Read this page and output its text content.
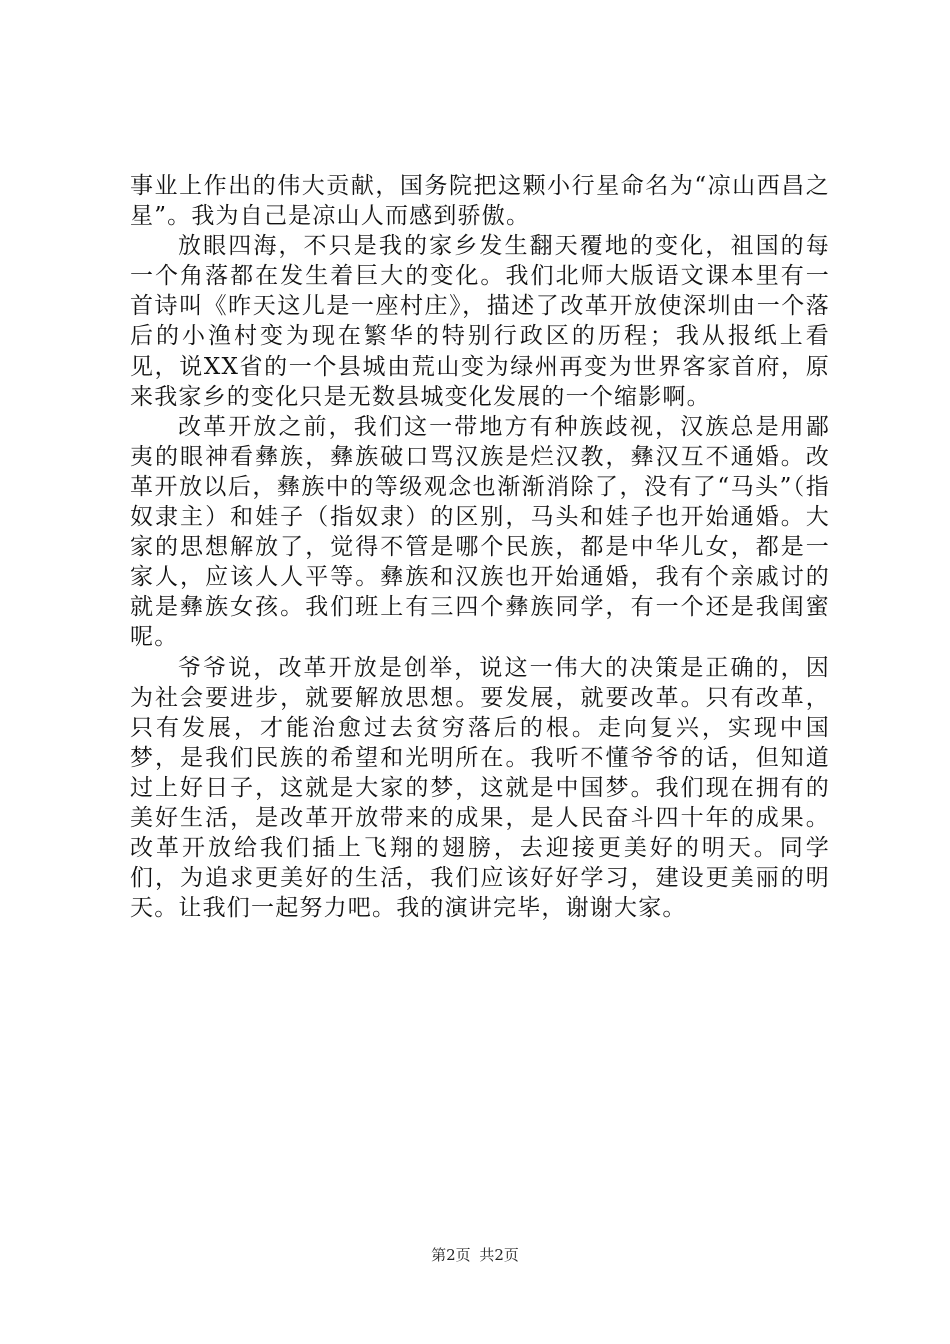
事业上作出的伟大贡献，国务院把这颗小行星命名为“凉山西昌之星”。我为自己是凉山人而感到骄傲。

放眼四海，不只是我的家乡发生翻天覆地的变化，祖国的每一个角落都在发生着巨大的变化。我们北师大版语文课本里有一首诗叫《昨天这儿是一座村庄》，描述了改革开放使深圳由一个落后的小渔村变为现在繁华的特别行政区的历程；我从报纸上看见，说XX省的一个县城由荒山变为绿州再变为世界客家首府，原来我家乡的变化只是无数县城变化发展的一个缩影啊。

改革开放之前，我们这一带地方有种族歧视，汉族总是用鄙夷的眼神看彝族，彝族破口骂汉族是烂汉教，彝汉互不通婚。改革开放以后，彝族中的等级观念也渐渐消除了，没有了“马头”（指奴隶主）和娃子（指奴隶）的区别，马头和娃子也开始通婚。大家的思想解放了，觉得不管是哪个民族，都是中华儿女，都是一家人，应该人人平等。彝族和汉族也开始通婚，我有个亲戚讨的就是彝族女孩。我们班上有三四个彝族同学，有一个还是我闺蜜呢。

爷爷说，改革开放是创举，说这一伟大的决策是正确的，因为社会要进步，就要解放思想。要发展，就要改革。只有改革，只有发展，才能治愈过去贫穷落后的根。走向复兴，实现中国梦，是我们民族的希望和光明所在。我听不懂爷爷的话，但知道过上好日子，这就是大家的梦，这就是中国梦。我们现在拥有的美好生活，是改革开放带来的成果，是人民奋斗四十年的成果。改革开放给我们插上飞翔的翅膀，去迎接更美好的明天。同学们，为追求更美好的生活，我们应该好好学习，建设更美丽的明天。让我们一起努力吧。我的演讲完毕，谢谢大家。

第2页 共2页
